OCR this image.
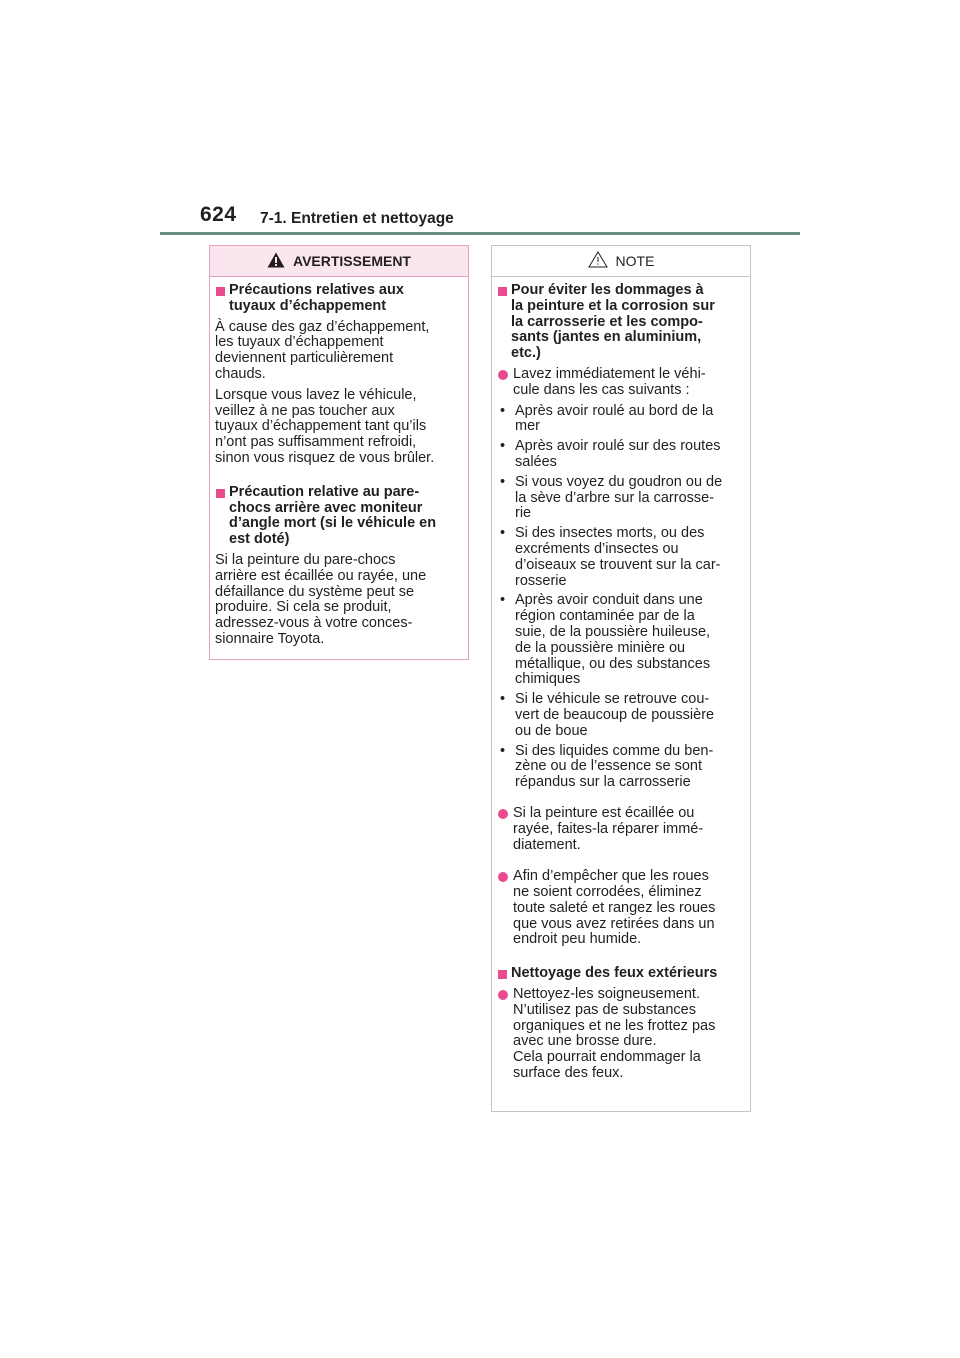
624 7-1. Entretien et nettoyage
AVERTISSEMENT
Précautions relatives aux
tuyaux d’échappement
À cause des gaz d’échappement,
les tuyaux d’échappement
deviennent particulièrement
chauds.
Lorsque vous lavez le véhicule,
veillez à ne pas toucher aux
tuyaux d’échappement tant qu’ils
n’ont pas suffisamment refroidi,
sinon vous risquez de vous brûler.
Précaution relative au pare-
chocs arrière avec moniteur
d’angle mort (si le véhicule en
est doté)
Si la peinture du pare-chocs
arrière est écaillée ou rayée, une
défaillance du système peut se
produire. Si cela se produit,
adressez-vous à votre conces-
sionnaire Toyota.
NOTE
Pour éviter les dommages à
la peinture et la corrosion sur
la carrosserie et les compo-
sants (jantes en aluminium,
etc.)
Lavez immédiatement le véhi-
cule dans les cas suivants :
• Après avoir roulé au bord de la
mer
• Après avoir roulé sur des routes
salées
• Si vous voyez du goudron ou de
la sève d’arbre sur la carrosse-
rie
• Si des insectes morts, ou des
excréments d’insectes ou
d’oiseaux se trouvent sur la car-
rosserie
• Après avoir conduit dans une
région contaminée par de la
suie, de la poussière huileuse,
de la poussière minière ou
métallique, ou des substances
chimiques
• Si le véhicule se retrouve cou-
vert de beaucoup de poussière
ou de boue
• Si des liquides comme du ben-
zène ou de l’essence se sont
répandus sur la carrosserie
Si la peinture est écaillée ou
rayée, faites-la réparer immé-
diatement.
Afin d’empêcher que les roues
ne soient corrodées, éliminez
toute saleté et rangez les roues
que vous avez retirées dans un
endroit peu humide.
Nettoyage des feux extérieurs
Nettoyez-les soigneusement.
N’utilisez pas de substances
organiques et ne les frottez pas
avec une brosse dure.
Cela pourrait endommager la
surface des feux.
